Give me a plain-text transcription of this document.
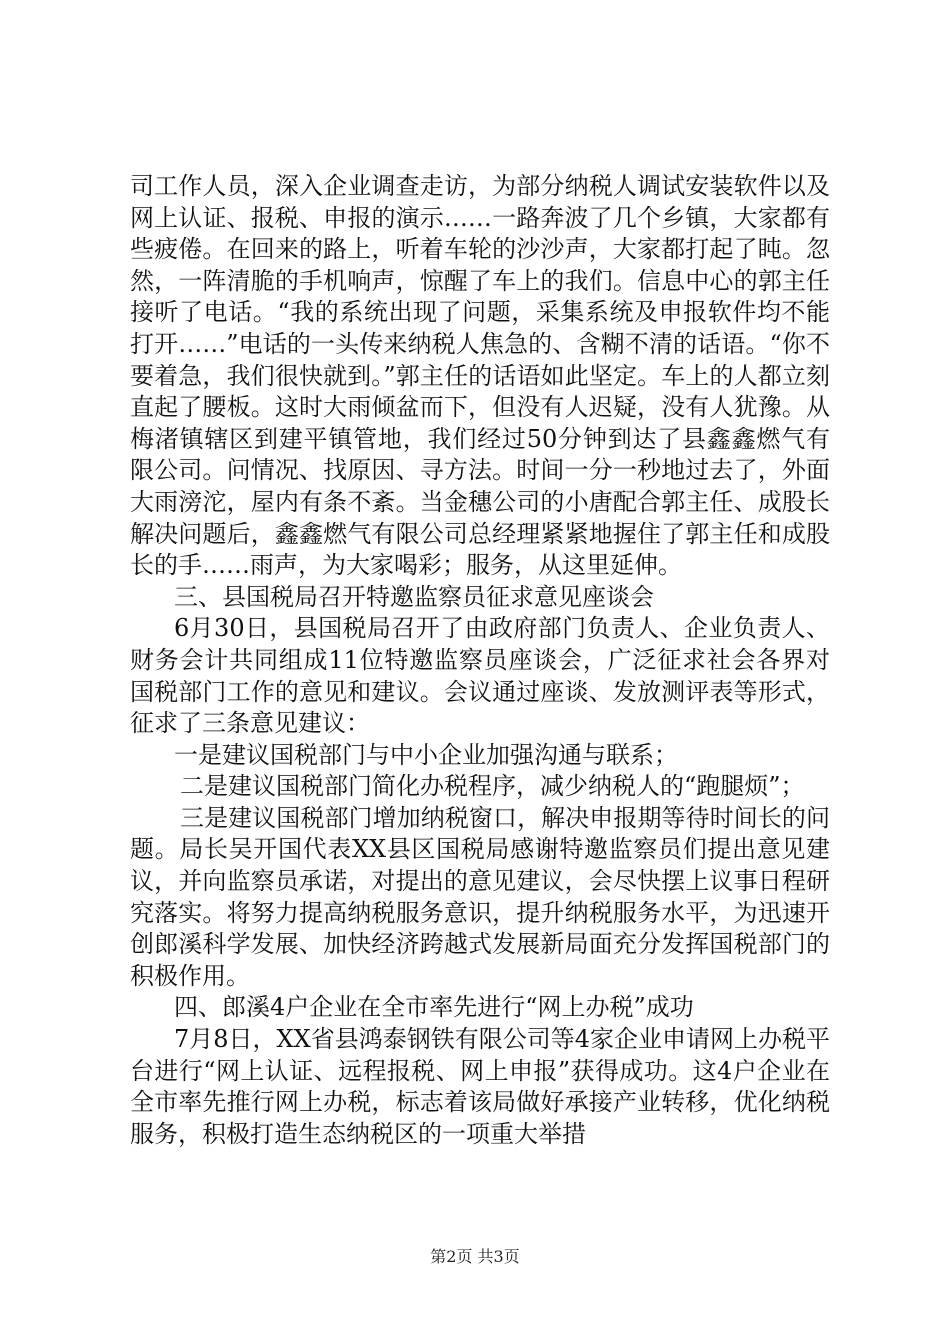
司工作人员，深入企业调查走访，为部分纳税人调试安装软件以及网上认证、报税、申报的演示……一路奔波了几个乡镇，大家都有些疲倦。在回来的路上，听着车轮的沙沙声，大家都打起了盹。忽然，一阵清脆的手机响声，惊醒了车上的我们。信息中心的郭主任接听了电话。“我的系统出现了问题，采集系统及申报软件均不能打开……”电话的一头传来纳税人焦急的、含糊不清的话语。“你不要着急，我们很快就到。”郭主任的话语如此坚定。车上的人都立刻直起了腰板。这时大雨倾盆而下，但没有人迟疑，没有人犹豫。从梅渚镇辖区到建平镇管地，我们经过50分钟到达了县鑫鑫燃气有限公司。问情况、找原因、寻方法。时间一分一秒地过去了，外面大雨滂沱，屋内有条不紊。当金穗公司的小唐配合郭主任、成股长解决问题后，鑫鑫燃气有限公司总经理紧紧地握住了郭主任和成股长的手……雨声，为大家喝彩；服务，从这里延伸。

三、县国税局召开特邀监察员征求意见座谈会

6月30日，县国税局召开了由政府部门负责人、企业负责人、财务会计共同组成11位特邀监察员座谈会，广泛征求社会各界对国税部门工作的意见和建议。会议通过座谈、发放测评表等形式，征求了三条意见建议：

一是建议国税部门与中小企业加强沟通与联系；

二是建议国税部门简化办税程序，减少纳税人的“跑腿烦”；

三是建议国税部门增加纳税窗口，解决申报期等待时间长的问题。局长吴开国代表XX县区国税局感谢特邀监察员们提出意见建议，并向监察员承诺，对提出的意见建议，会尽快摆上议事日程研究落实。将努力提高纳税服务意识，提升纳税服务水平，为迅速开创郎溪科学发展、加快经济跨越式发展新局面充分发挥国税部门的积极作用。

四、郎溪4户企业在全市率先进行“网上办税”成功

7月8日，XX省县鸿泰钢铁有限公司等4家企业申请网上办税平台进行“网上认证、远程报税、网上申报”获得成功。这4户企业在全市率先推行网上办税，标志着该局做好承接产业转移，优化纳税服务，积极打造生态纳税区的一项重大举措

第2页 共3页
